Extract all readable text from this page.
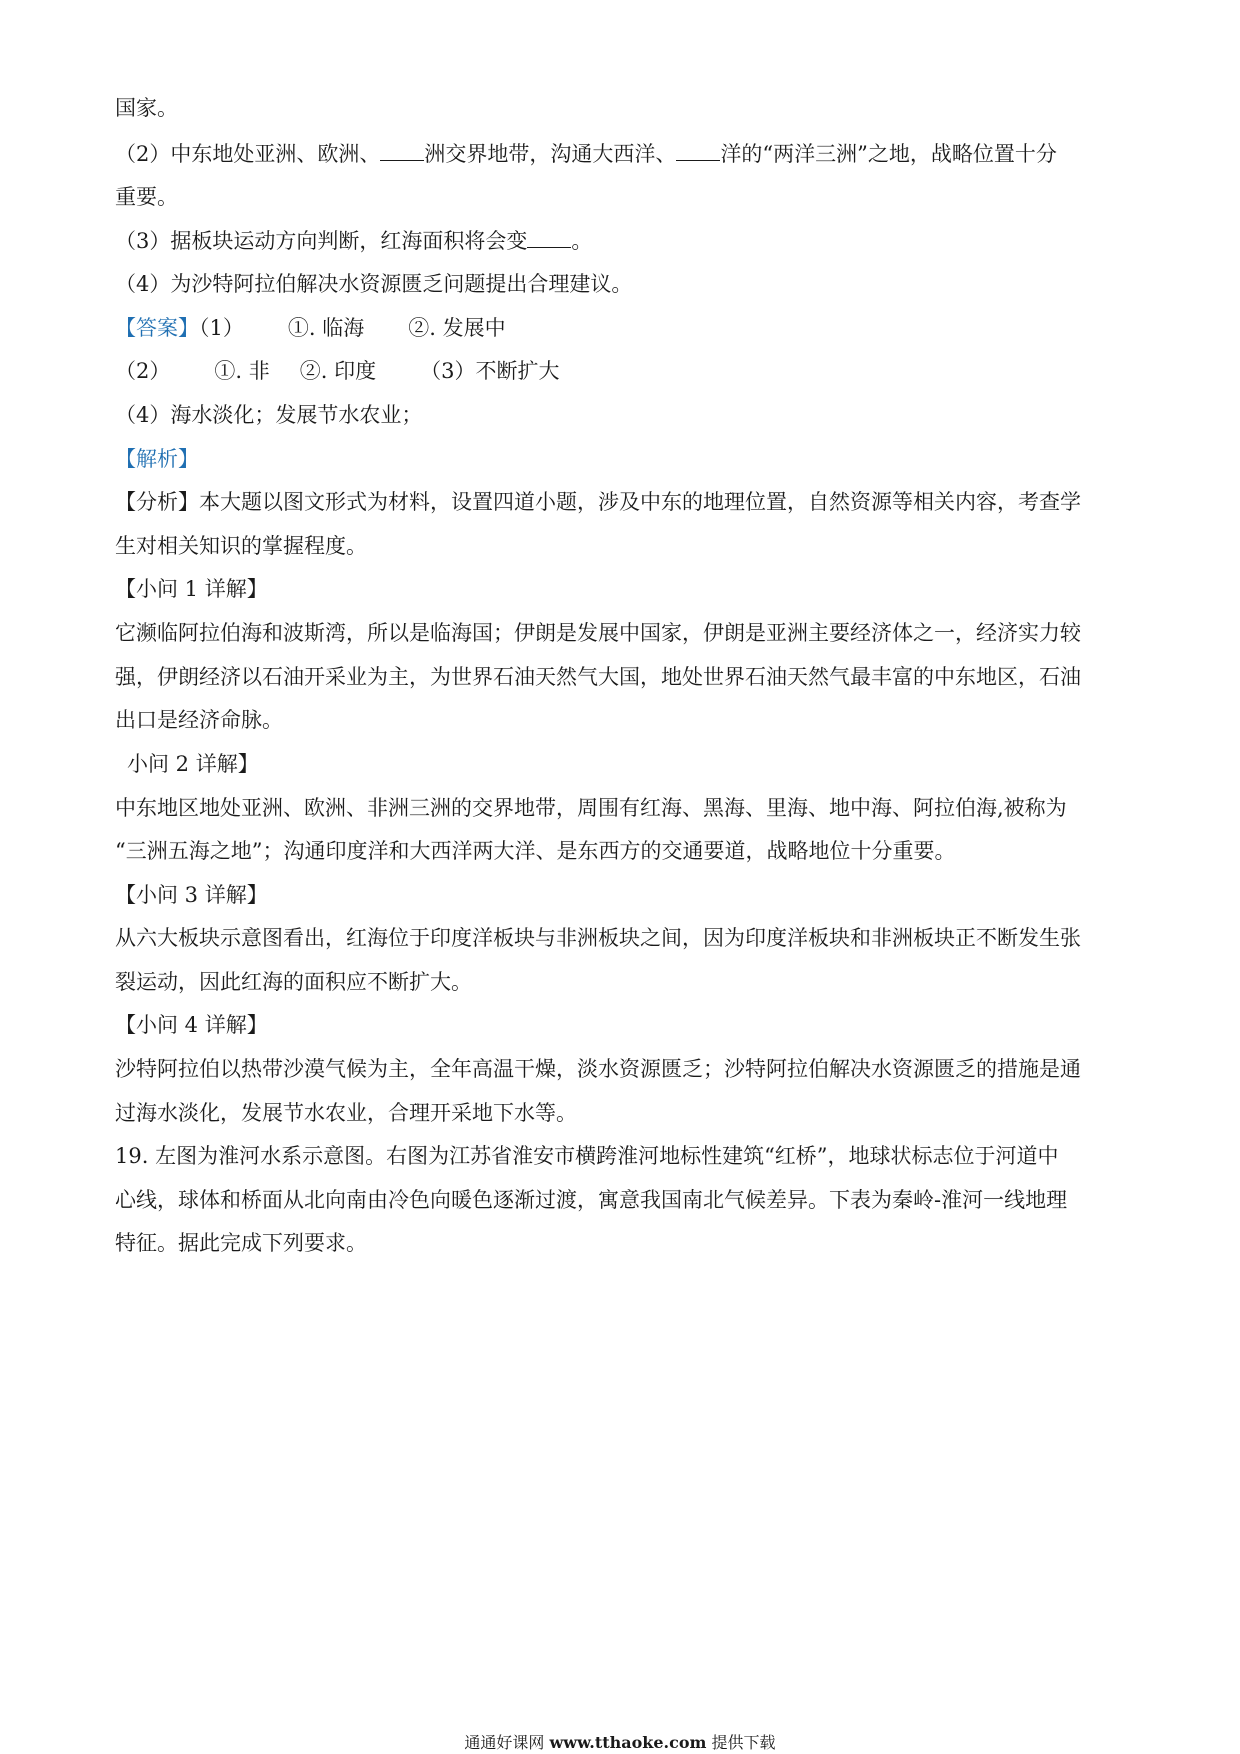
国家。
（2）中东地处亚洲、欧洲、 洲交界地带，沟通大西洋、 洋的“两洋三洲”之地，战略位置十分
重要。
（3）据板块运动方向判断，红海面积将会变 。
（4）为沙特阿拉伯解决水资源匮乏问题提出合理建议。
【答案】（1） ①. 临海 ②. 发展中
（2） ①. 非 ②. 印度 （3）不断扩大
（4）海水淡化；发展节水农业；
【解析】
【分析】本大题以图文形式为材料，设置四道小题，涉及中东的地理位置，自然资源等相关内容，考查学
生对相关知识的掌握程度。
【小问 1 详解】
它濒临阿拉伯海和波斯湾，所以是临海国；伊朗是发展中国家，伊朗是亚洲主要经济体之一，经济实力较
强，伊朗经济以石油开采业为主，为世界石油天然气大国，地处世界石油天然气最丰富的中东地区，石油
出口是经济命脉。
小问 2 详解】
中东地区地处亚洲、欧洲、非洲三洲的交界地带，周围有红海、黑海、里海、地中海、阿拉伯海,被称为
“三洲五海之地”；沟通印度洋和大西洋两大洋、是东西方的交通要道，战略地位十分重要。
【小问 3 详解】
从六大板块示意图看出，红海位于印度洋板块与非洲板块之间，因为印度洋板块和非洲板块正不断发生张
裂运动，因此红海的面积应不断扩大。
【小问 4 详解】
沙特阿拉伯以热带沙漠气候为主，全年高温干燥，淡水资源匮乏；沙特阿拉伯解决水资源匮乏的措施是通
过海水淡化，发展节水农业，合理开采地下水等。
19. 左图为淮河水系示意图。右图为江苏省淮安市横跨淮河地标性建筑“红桥”，地球状标志位于河道中
心线，球体和桥面从北向南由冷色向暖色逐渐过渡，寓意我国南北气候差异。下表为秦岭-淮河一线地理
特征。据此完成下列要求。
通通好课网 www.tthaoke.com 提供下载
